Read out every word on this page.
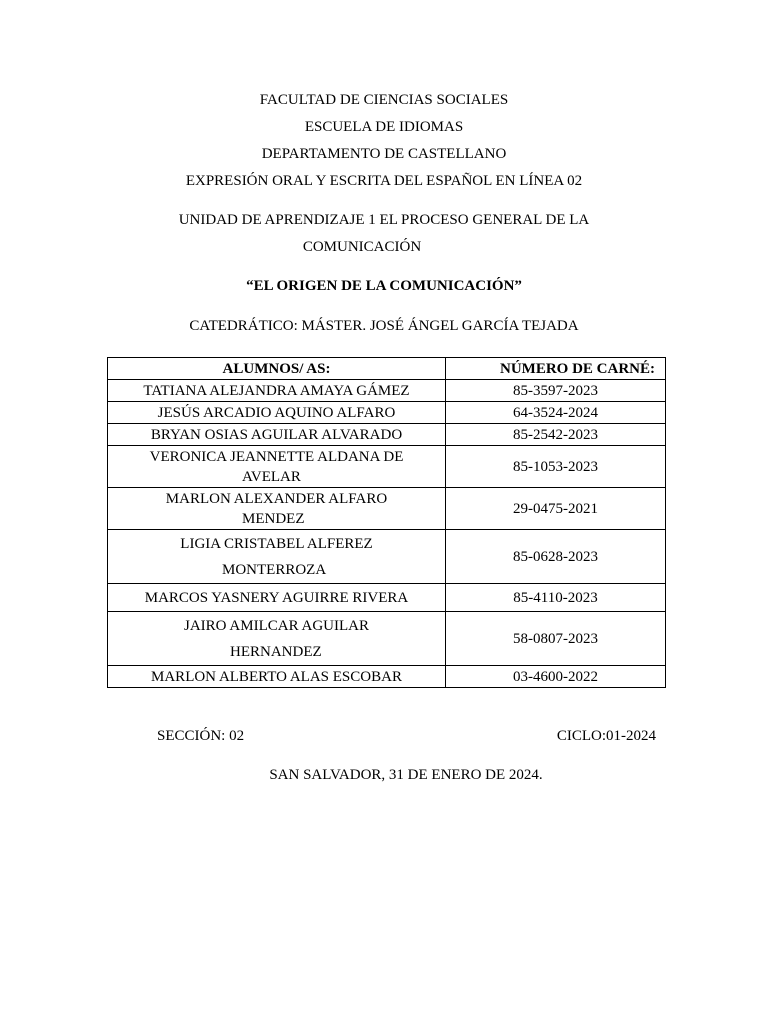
FACULTAD DE CIENCIAS SOCIALES
ESCUELA DE IDIOMAS
DEPARTAMENTO DE CASTELLANO
EXPRESIÓN ORAL Y ESCRITA DEL ESPAÑOL EN LÍNEA 02
UNIDAD DE APRENDIZAJE 1 EL PROCESO GENERAL DE LA
COMUNICACIÓN
“EL ORIGEN DE LA COMUNICACIÓN”
CATEDRÁTICO: MÁSTER. JOSÉ ÁNGEL GARCÍA TEJADA
ALUMNOS/ AS:	NÚMERO DE CARNÉ:
TATIANA ALEJANDRA AMAYA GÁMEZ	85-3597-2023
JESÚS ARCADIO AQUINO ALFARO	64-3524-2024
BRYAN OSIAS AGUILAR ALVARADO	85-2542-2023

VERONICA JEANNETTE ALDANA DE
AVELAR	85-1053-2023

MARLON ALEXANDER ALFARO
MENDEZ	29-0475-2021

LIGIA CRISTABEL ALFEREZ
MONTERROZA	85-0628-2023
MARCOS YASNERY AGUIRRE RIVERA	85-4110-2023

JAIRO AMILCAR AGUILAR
HERNANDEZ	58-0807-2023
MARLON ALBERTO ALAS ESCOBAR	03-4600-2022
SECCIÓN: 02	CICLO:01-2024
SAN SALVADOR, 31 DE ENERO DE 2024.
